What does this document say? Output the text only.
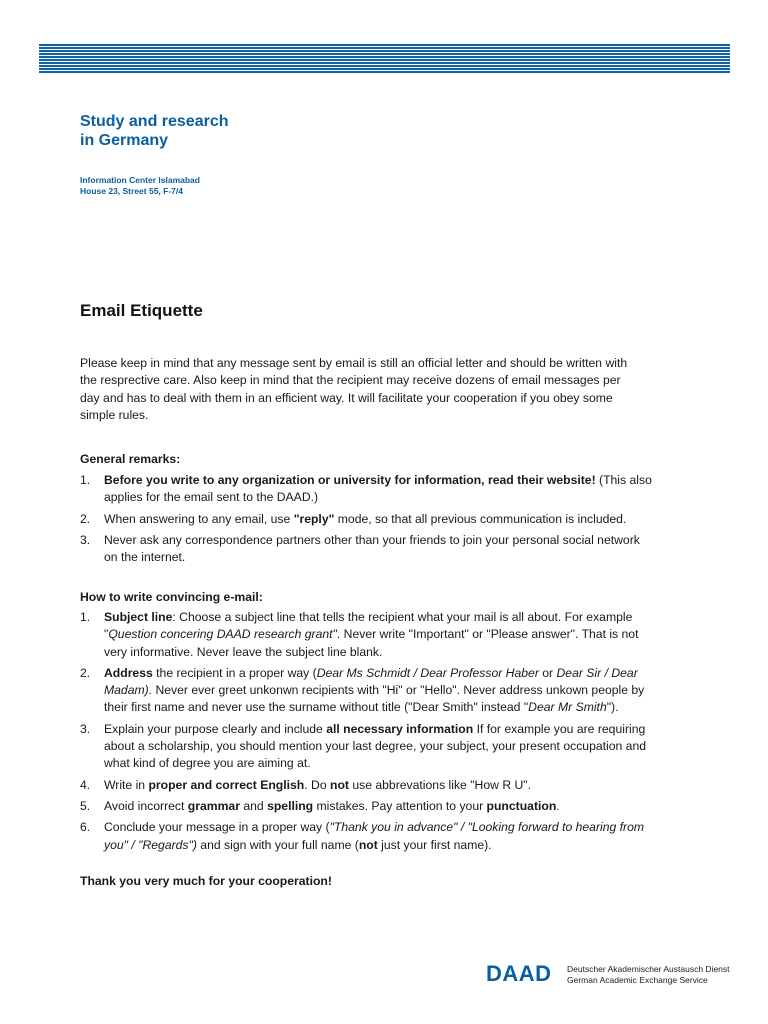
Study and research
in Germany
Information Center Islamabad
House 23, Street 55, F-7/4
Email Etiquette

Please keep in mind that any message sent by email is still an official letter and should be written with the resprective care. Also keep in mind that the recipient may receive dozens of email messages per day and has to deal with them in an efficient way. It will facilitate your cooperation if you obey some simple rules.

General remarks:
1. Before you write to any organization or university for information, read their website! (This also applies for the email sent to the DAAD.)
2. When answering to any email, use "reply" mode, so that all previous communication is included.
3. Never ask any correspondence partners other than your friends to join your personal social network on the internet.
How to write convincing e-mail:
1. Subject line: Choose a subject line that tells the recipient what your mail is all about. For example "Question concering DAAD research grant". Never write "Important" or "Please answer". That is not very informative. Never leave the subject line blank.
2. Address the recipient in a proper way (Dear Ms Schmidt / Dear Professor Haber or Dear Sir / Dear Madam). Never ever greet unkonwn recipients with "Hi" or "Hello". Never address unkown people by their first name and never use the surname without title ("Dear Smith" instead "Dear Mr Smith").
3. Explain your purpose clearly and include all necessary information If for example you are requiring about a scholarship, you should mention your last degree, your subject, your present occupation and what kind of degree you are aiming at.
4. Write in proper and correct English. Do not use abbrevations like "How R U".
5. Avoid incorrect grammar and spelling mistakes. Pay attention to your punctuation.
6. Conclude your message in a proper way ("Thank you in advance" / "Looking forward to hearing from you" / "Regards") and sign with your full name (not just your first name).

Thank you very much for your cooperation!

DAAD Deutscher Akademischer Austausch Dienst
German Academic Exchange Service
